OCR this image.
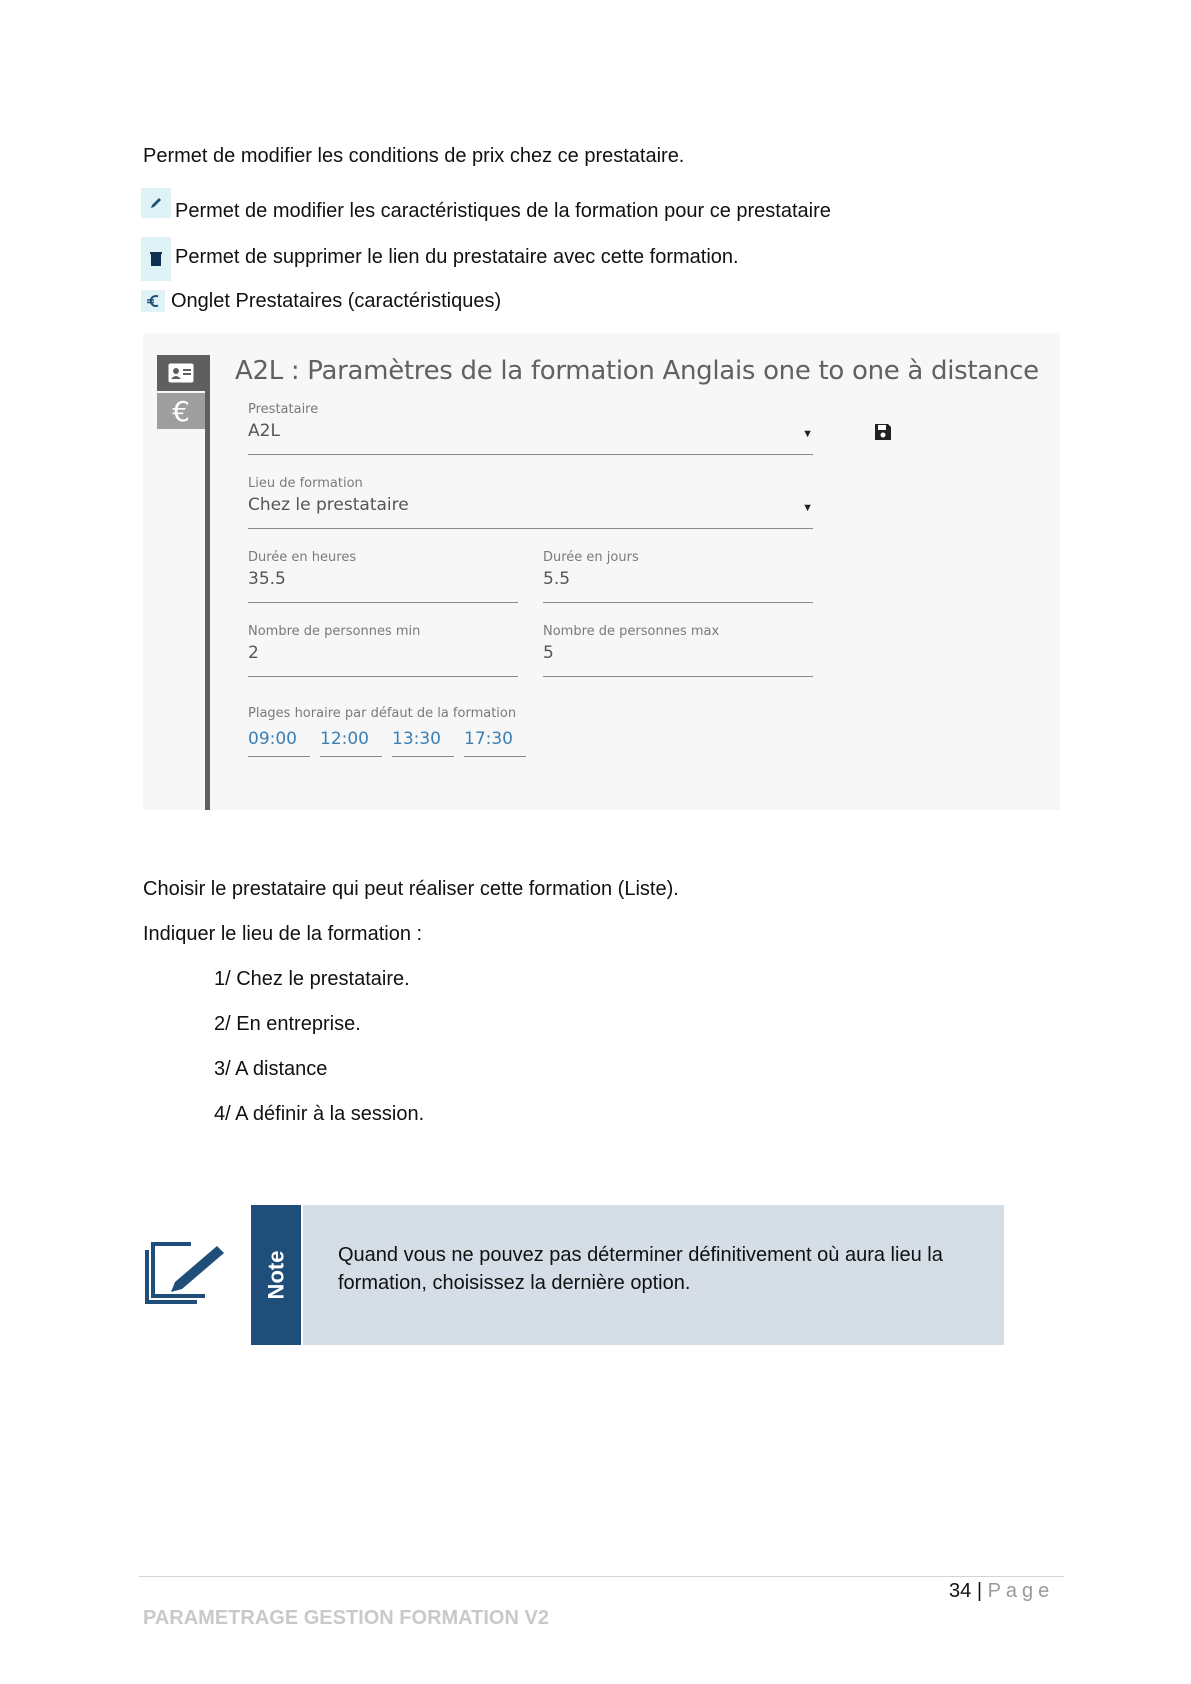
Permet de modifier les conditions de prix chez ce prestataire.
Permet de modifier les caractéristiques de la formation pour ce prestataire
Permet de supprimer le lien du prestataire avec cette formation.
Onglet Prestataires (caractéristiques)
€
A2L : Paramètres de la formation Anglais one to one à distance
Prestataire
A2L	▼
Lieu de formation
Chez le prestataire	▼
Durée en heures
35.5
Durée en jours
5.5
Nombre de personnes min
2
Nombre de personnes max
5
Plages horaire par défaut de la formation
09:00	12:00	13:30	17:30
Choisir le prestataire qui peut réaliser cette formation (Liste).
Indiquer le lieu de la formation :
1/ Chez le prestataire.
2/ En entreprise.
3/ A distance
4/ A définir à la session.
Note	Quand vous ne pouvez pas déterminer définitivement où aura lieu la formation, choisissez la dernière option.
34 | Page
PARAMETRAGE GESTION FORMATION V2
